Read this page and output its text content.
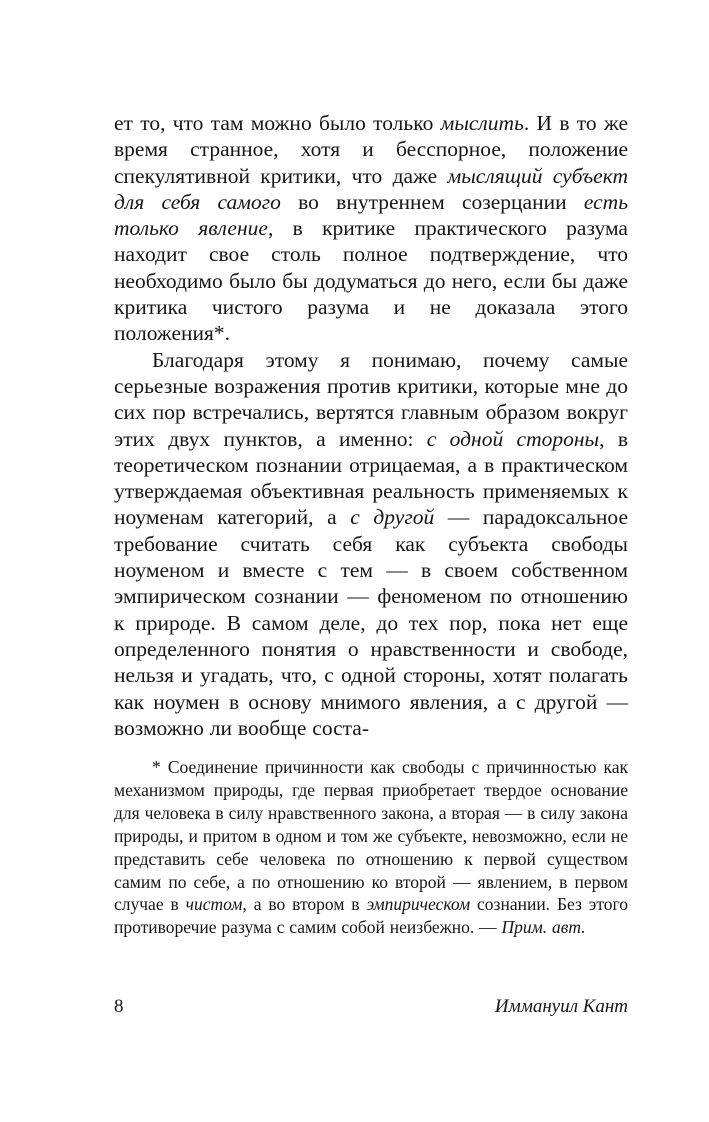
ет то, что там можно было только мыслить. И в то же время странное, хотя и бесспорное, положение спекулятивной критики, что даже мыслящий субъект для себя самого во внутреннем созерцании есть только явление, в критике практического разума находит свое столь полное подтверждение, что необходимо было бы додуматься до него, если бы даже критика чистого разума и не доказала этого положения*.

Благодаря этому я понимаю, почему самые серьезные возражения против критики, которые мне до сих пор встречались, вертятся главным образом вокруг этих двух пунктов, а именно: с одной стороны, в теоретическом познании отрицаемая, а в практическом утверждаемая объективная реальность применяемых к ноуменам категорий, а с другой — парадоксальное требование считать себя как субъекта свободы ноуменом и вместе с тем — в своем собственном эмпирическом сознании — феноменом по отношению к природе. В самом деле, до тех пор, пока нет еще определенного понятия о нравственности и свободе, нельзя и угадать, что, с одной стороны, хотят полагать как ноумен в основу мнимого явления, а с другой — возможно ли вообще соста-

* Соединение причинности как свободы с причинностью как механизмом природы, где первая приобретает твердое основание для человека в силу нравственного закона, а вторая — в силу закона природы, и притом в одном и том же субъекте, невозможно, если не представить себе человека по отношению к первой существом самим по себе, а по отношению ко второй — явлением, в первом случае в чистом, а во втором в эмпирическом сознании. Без этого противоречие разума с самим собой неизбежно. — Прим. авт.

8	Иммануил Кант
